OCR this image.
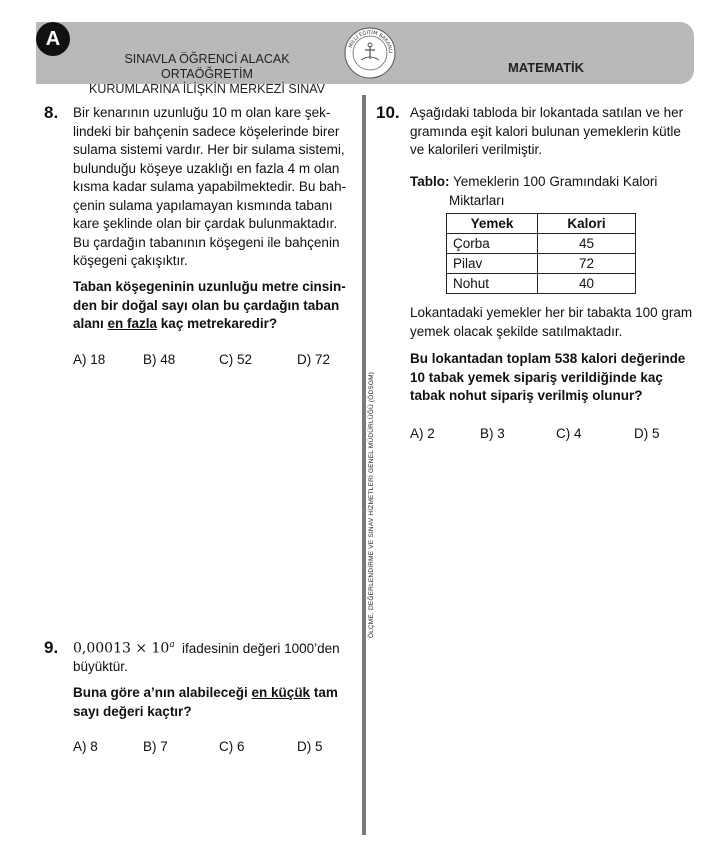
A
SINAVLA ÖĞRENCİ ALACAK ORTAÖĞRETİM
KURUMLARINA İLİŞKİN MERKEZİ SINAV
. MİLLİ EĞİTİM BAKANLI
MATEMATİK
ÖLÇME, DEĞERLENDİRME VE SINAV HİZMETLERİ GENEL MÜDÜRLÜĞÜ (ÖDSGM)
8. Bir kenarının uzunluğu 10 m olan kare şek-
lindeki bir bahçenin sadece köşelerinde birer
sulama sistemi vardır. Her bir sulama sistemi,
bulunduğu köşeye uzaklığı en fazla 4 m olan
kısma kadar sulama yapabilmektedir. Bu bah-
çenin sulama yapılamayan kısmında tabanı
kare şeklinde olan bir çardak bulunmaktadır.
Bu çardağın tabanının köşegeni ile bahçenin
köşegeni çakışıktır.
Taban köşegeninin uzunluğu metre cinsin-
den bir doğal sayı olan bu çardağın taban
alanı en fazla kaç metrekaredir?
A) 18	B) 48	C) 52	D) 72
9. $0,00013 \times 10^a$ ifadesinin değeri 1000’den
büyüktür.
Buna göre a’nın alabileceği en küçük tam
sayı değeri kaçtır?
A) 8	B) 7	C) 6	D) 5
10. Aşağıdaki tabloda bir lokantada satılan ve her
gramında eşit kalori bulunan yemeklerin kütle
ve kalorileri verilmiştir.
Tablo: Yemeklerin 100 Gramındaki Kalori
Miktarları
Yemek	Kalori
Çorba	45
Pilav	72
Nohut	40
Lokantadaki yemekler her bir tabakta 100 gram
yemek olacak şekilde satılmaktadır.
Bu lokantadan toplam 538 kalori değerinde
10 tabak yemek sipariş verildiğinde kaç
tabak nohut sipariş verilmiş olunur?
A) 2	B) 3	C) 4	D) 5
